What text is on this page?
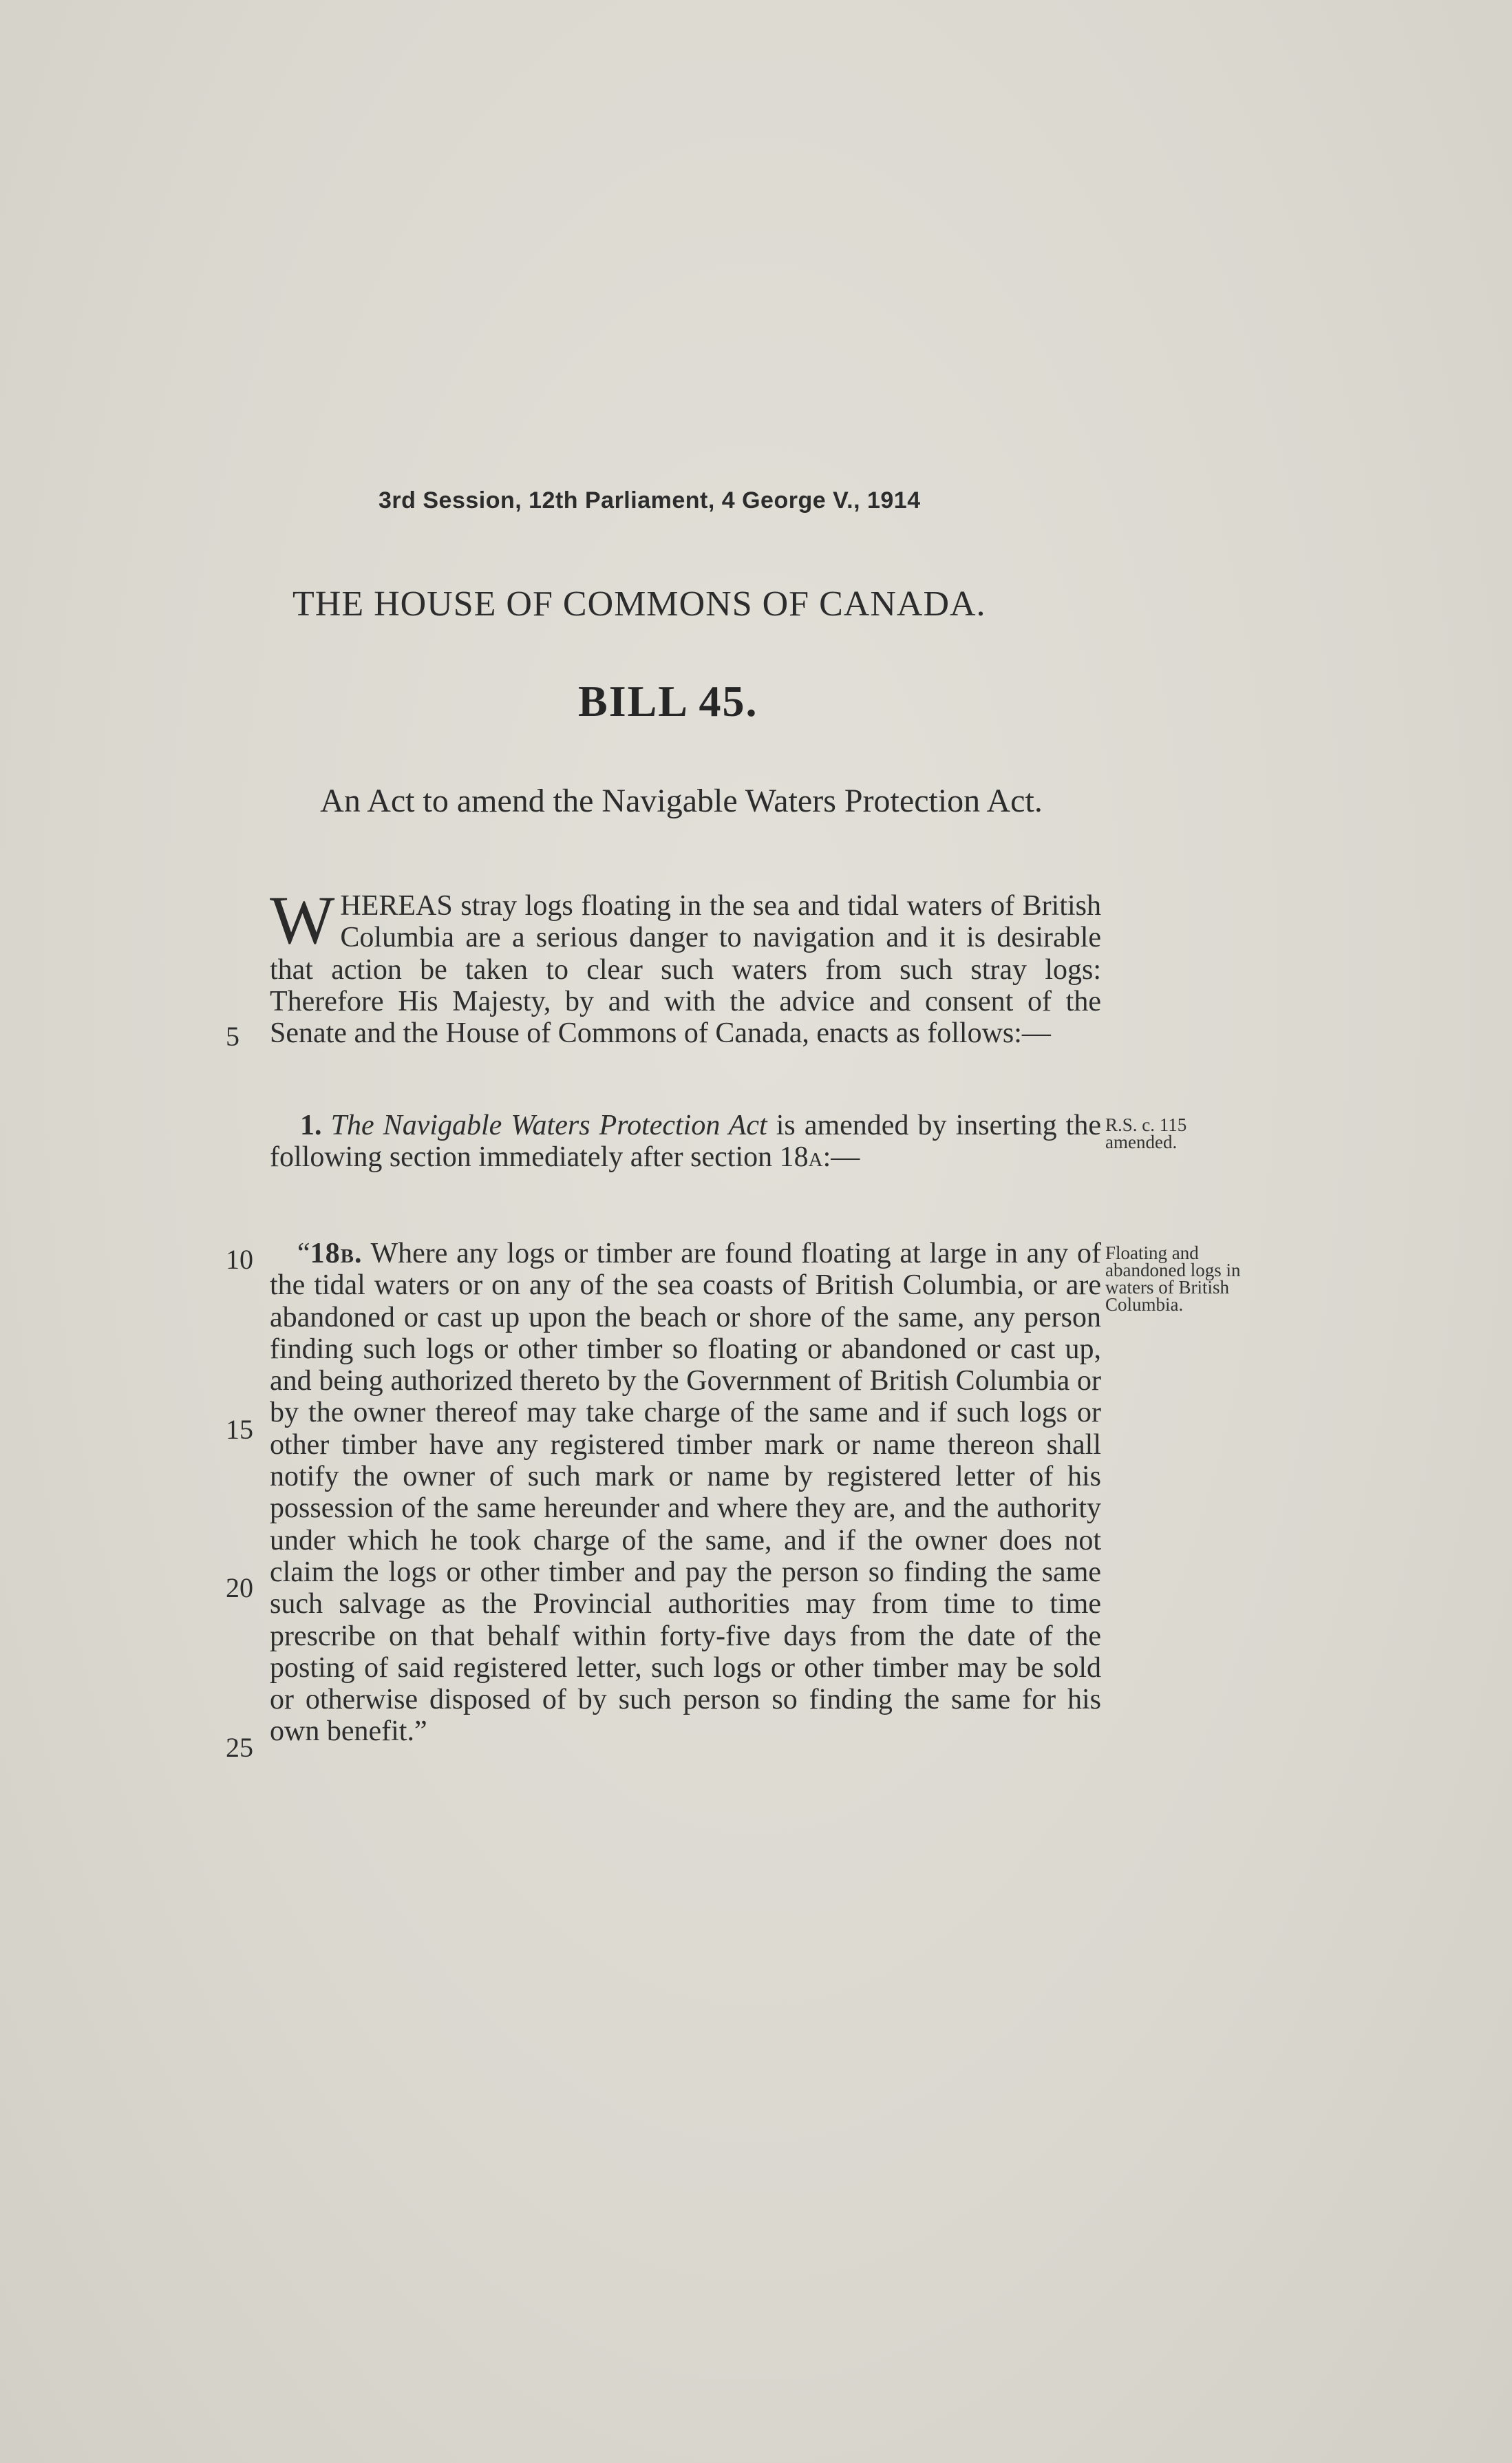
3rd Session, 12th Parliament, 4 George V., 1914
THE HOUSE OF COMMONS OF CANADA.
BILL 45.
An Act to amend the Navigable Waters Protection Act.
WHEREAS stray logs floating in the sea and tidal waters of British Columbia are a serious danger to navigation and it is desirable that action be taken to clear such waters from such stray logs: Therefore His Majesty, by and with the advice and consent of the Senate and the House of Commons of Canada, enacts as follows:—
1. The Navigable Waters Protection Act is amended by inserting the following section immediately after section 18a:—
“18b. Where any logs or timber are found floating at large in any of the tidal waters or on any of the sea coasts of British Columbia, or are abandoned or cast up upon the beach or shore of the same, any person finding such logs or other timber so floating or abandoned or cast up, and being authorized thereto by the Government of British Columbia or by the owner thereof may take charge of the same and if such logs or other timber have any registered timber mark or name thereon shall notify the owner of such mark or name by registered letter of his possession of the same hereunder and where they are, and the authority under which he took charge of the same, and if the owner does not claim the logs or other timber and pay the person so finding the same such salvage as the Provincial authorities may from time to time prescribe on that behalf within forty-five days from the date of the posting of said registered letter, such logs or other timber may be sold or otherwise disposed of by such person so finding the same for his own benefit.”
5
10
15
20
25
R.S. c. 115 amended.
Floating and abandoned logs in waters of British Columbia.
